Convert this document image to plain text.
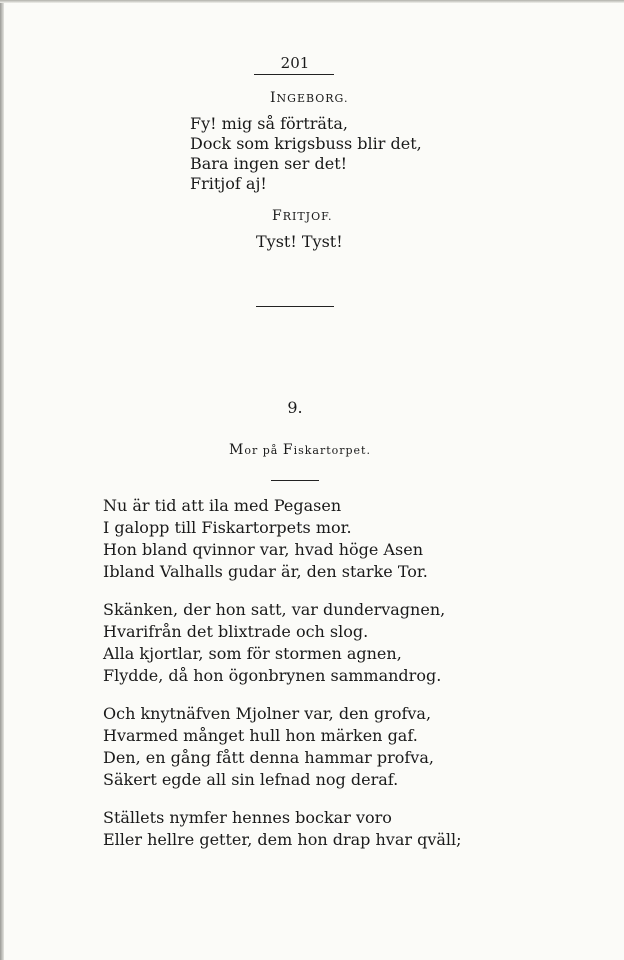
201
INGEBORG.
Fy! mig så förträta,
Dock som krigsbuss blir det,
Bara ingen ser det!
Fritjof aj!
FRITJOF.
Tyst! Tyst!
9.
Mor på Fiskartorpet.
Nu är tid att ila med Pegasen
I galopp till Fiskartorpets mor.
Hon bland qvinnor var, hvad höge Asen
Ibland Valhalls gudar är, den starke Tor.
Skänken, der hon satt, var dundervagnen,
Hvarifrån det blixtrade och slog.
Alla kjortlar, som för stormen agnen,
Flydde, då hon ögonbrynen sammandrog.
Och knytnäfven Mjolner var, den grofva,
Hvarmed månget hull hon märken gaf.
Den, en gång fått denna hammar profva,
Säkert egde all sin lefnad nog deraf.
Ställets nymfer hennes bockar voro
Eller hellre getter, dem hon drap hvar qväll;
